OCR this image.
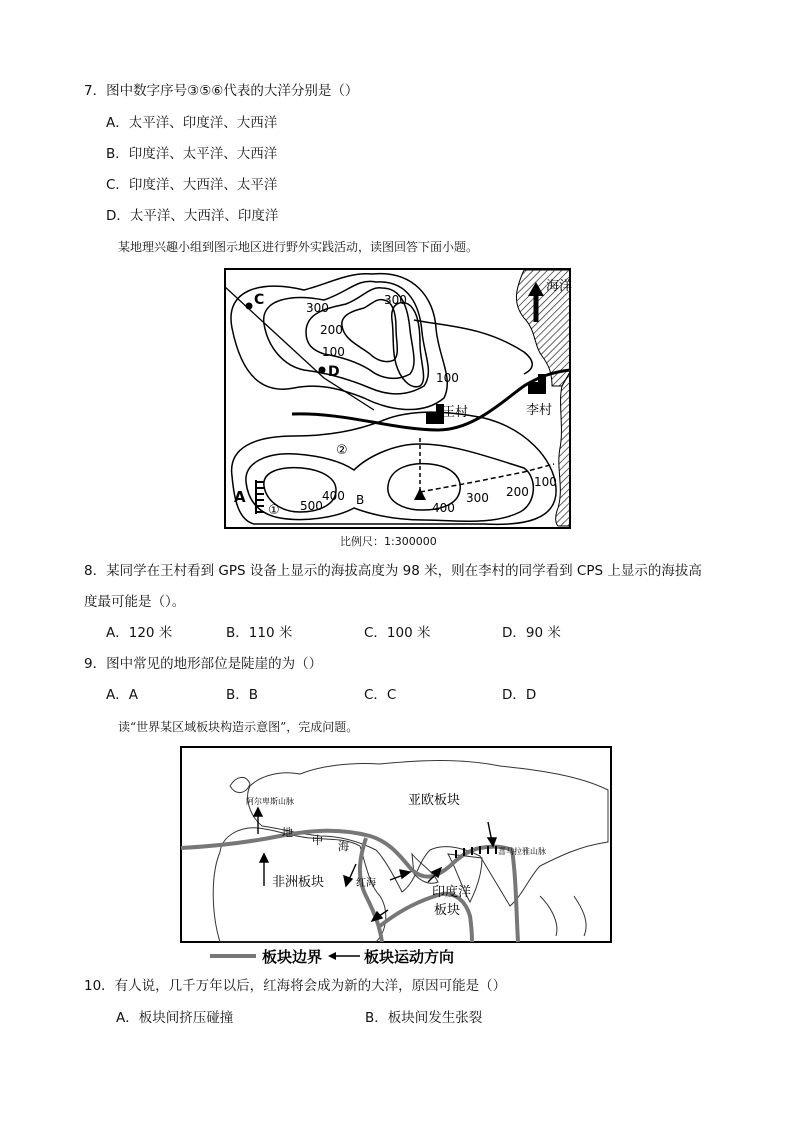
7．图中数字序号③⑤⑥代表的大洋分别是（）
A．太平洋、印度洋、大西洋
B．印度洋、太平洋、大西洋
C．印度洋、大西洋、太平洋
D．太平洋、大西洋、印度洋
某地理兴趣小组到图示地区进行野外实践活动，读图回答下面小题。
海洋
C
D
A	B
王村	李村
①
②
300
300
200
100
100
400
400
500
300 200
100
比例尺：1:300000
8．某同学在王村看到 GPS 设备上显示的海拔高度为 98 米，则在李村的同学看到 CPS 上显示的海拔高
度最可能是（）。
A．120 米	B．110 米	C．100 米	D．90 米
9．图中常见的地形部位是陡崖的为（）
A．A	B．B	C．C	D．D
读“世界某区域板块构造示意图”，完成问题。
阿尔卑斯山脉	亚欧板块
喜马拉雅山脉
地
中 海
红海
非洲板块
印度洋
板块
板块边界	板块运动方向
10．有人说，几千万年以后，红海将会成为新的大洋，原因可能是（）
A．板块间挤压碰撞	B．板块间发生张裂
